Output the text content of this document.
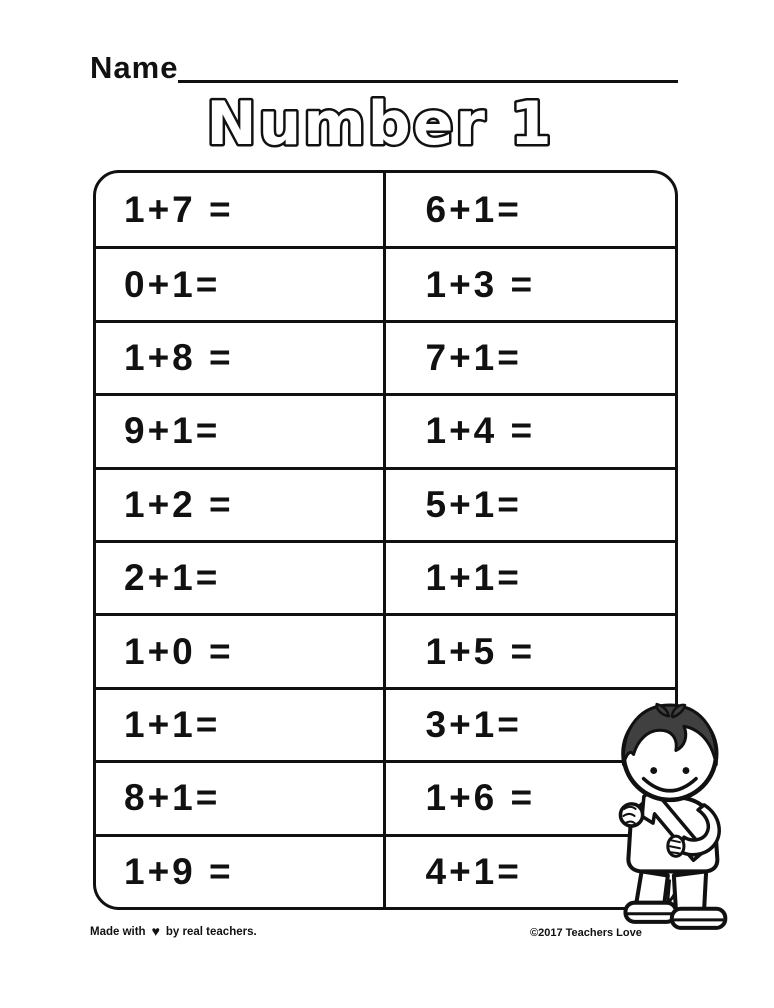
Name
Number 1
1+7 =	6+1=
0+1=	1+3 =
1+8 =	7+1=
9+1=	1+4 =
1+2 =	5+1=
2+1=	1+1=
1+0 =	1+5 =
1+1=	3+1=
8+1=	1+6 =
1+9 =	4+1=
Made with ♥ by real teachers.	©2017 Teachers Love
